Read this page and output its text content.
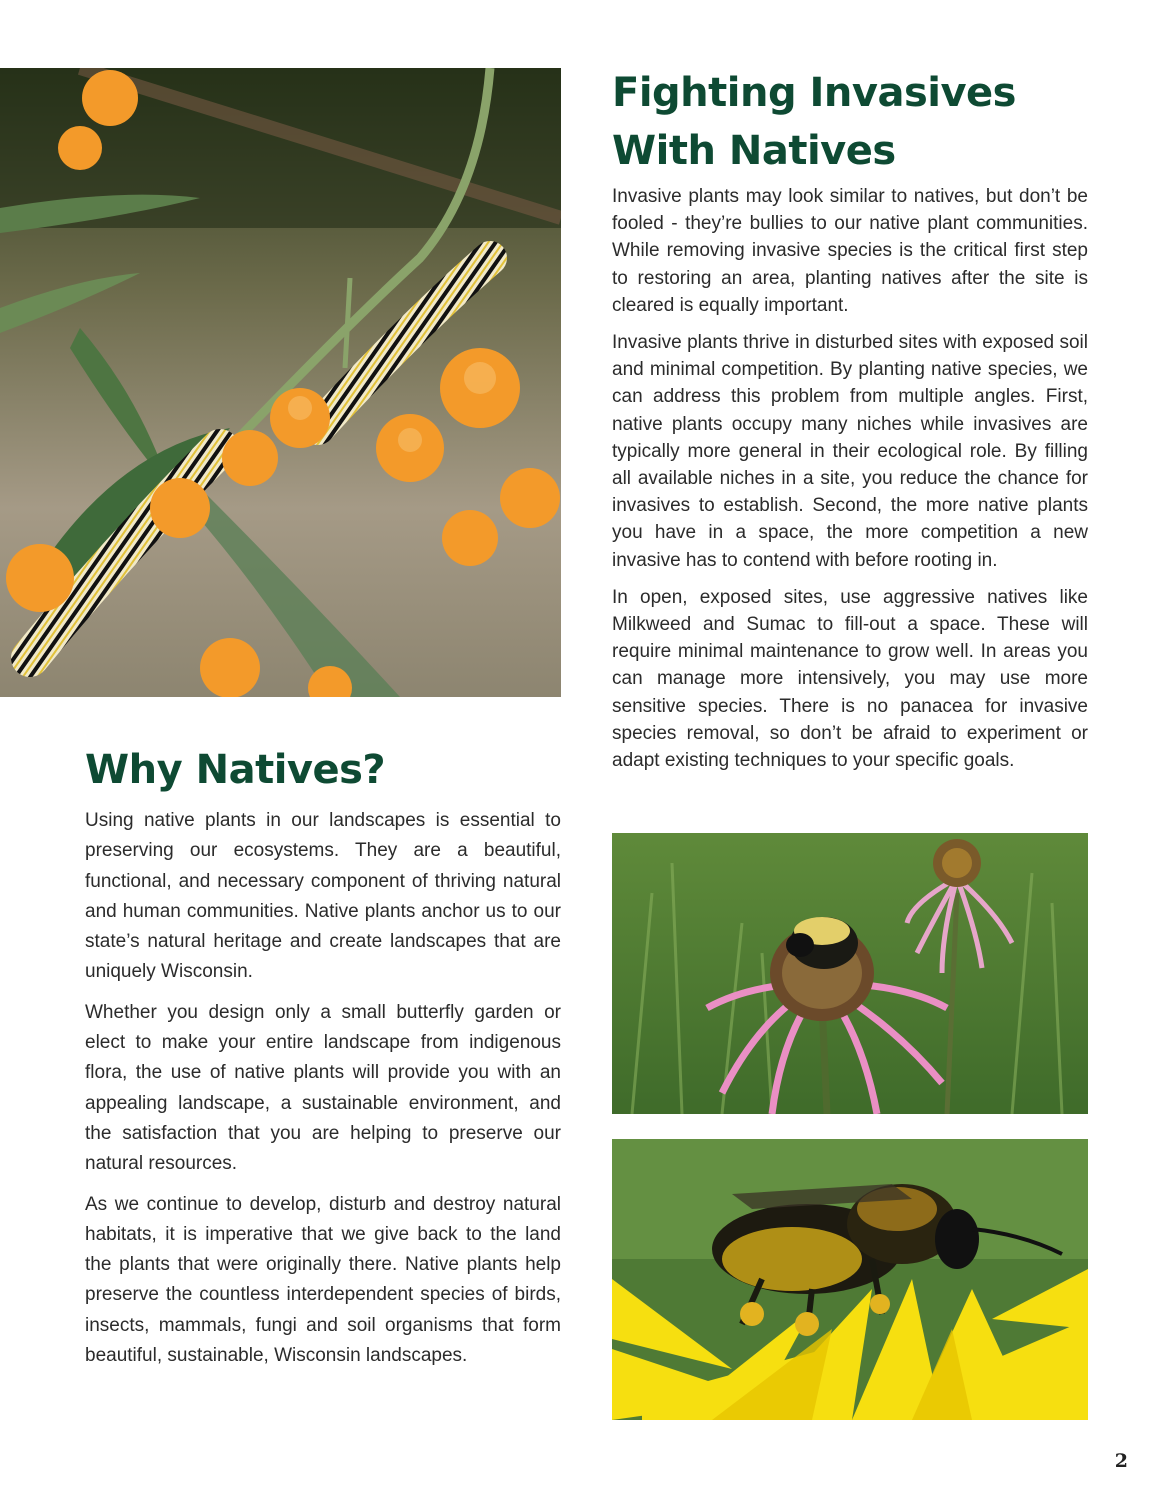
Fighting Invasives
With Natives

Invasive plants may look similar to natives, but don’t be fooled - they’re bullies to our native plant communities. While removing invasive species is the critical first step to restoring an area, planting natives after the site is cleared is equally important.

Invasive plants thrive in disturbed sites with exposed soil and minimal competition. By planting native species, we can address this problem from multiple angles. First, native plants occupy many niches while invasives are typically more general in their ecological role. By filling all available niches in a site, you reduce the chance for invasives to establish. Second, the more native plants you have in a space, the more competition a new invasive has to contend with before rooting in.

In open, exposed sites, use aggressive natives like Milkweed and Sumac to fill-out a space. These will require minimal maintenance to grow well. In areas you can manage more intensively, you may use more sensitive species. There is no panacea for invasive species removal, so don’t be afraid to experiment or adapt existing techniques to your specific goals.

Why Natives?

Using native plants in our landscapes is essential to preserving our ecosystems. They are a beautiful, functional, and necessary component of thriving natural and human communities. Native plants anchor us to our state’s natural heritage and create landscapes that are uniquely Wisconsin.

Whether you design only a small butterfly garden or elect to make your entire landscape from indigenous flora, the use of native plants will provide you with an appealing landscape, a sustainable environment, and the satisfaction that you are helping to preserve our natural resources.

As we continue to develop, disturb and destroy natural habitats, it is imperative that we give back to the land the plants that were originally there. Native plants help preserve the countless interdependent species of birds, insects, mammals, fungi and soil organisms that form beautiful, sustainable, Wisconsin landscapes.

2
